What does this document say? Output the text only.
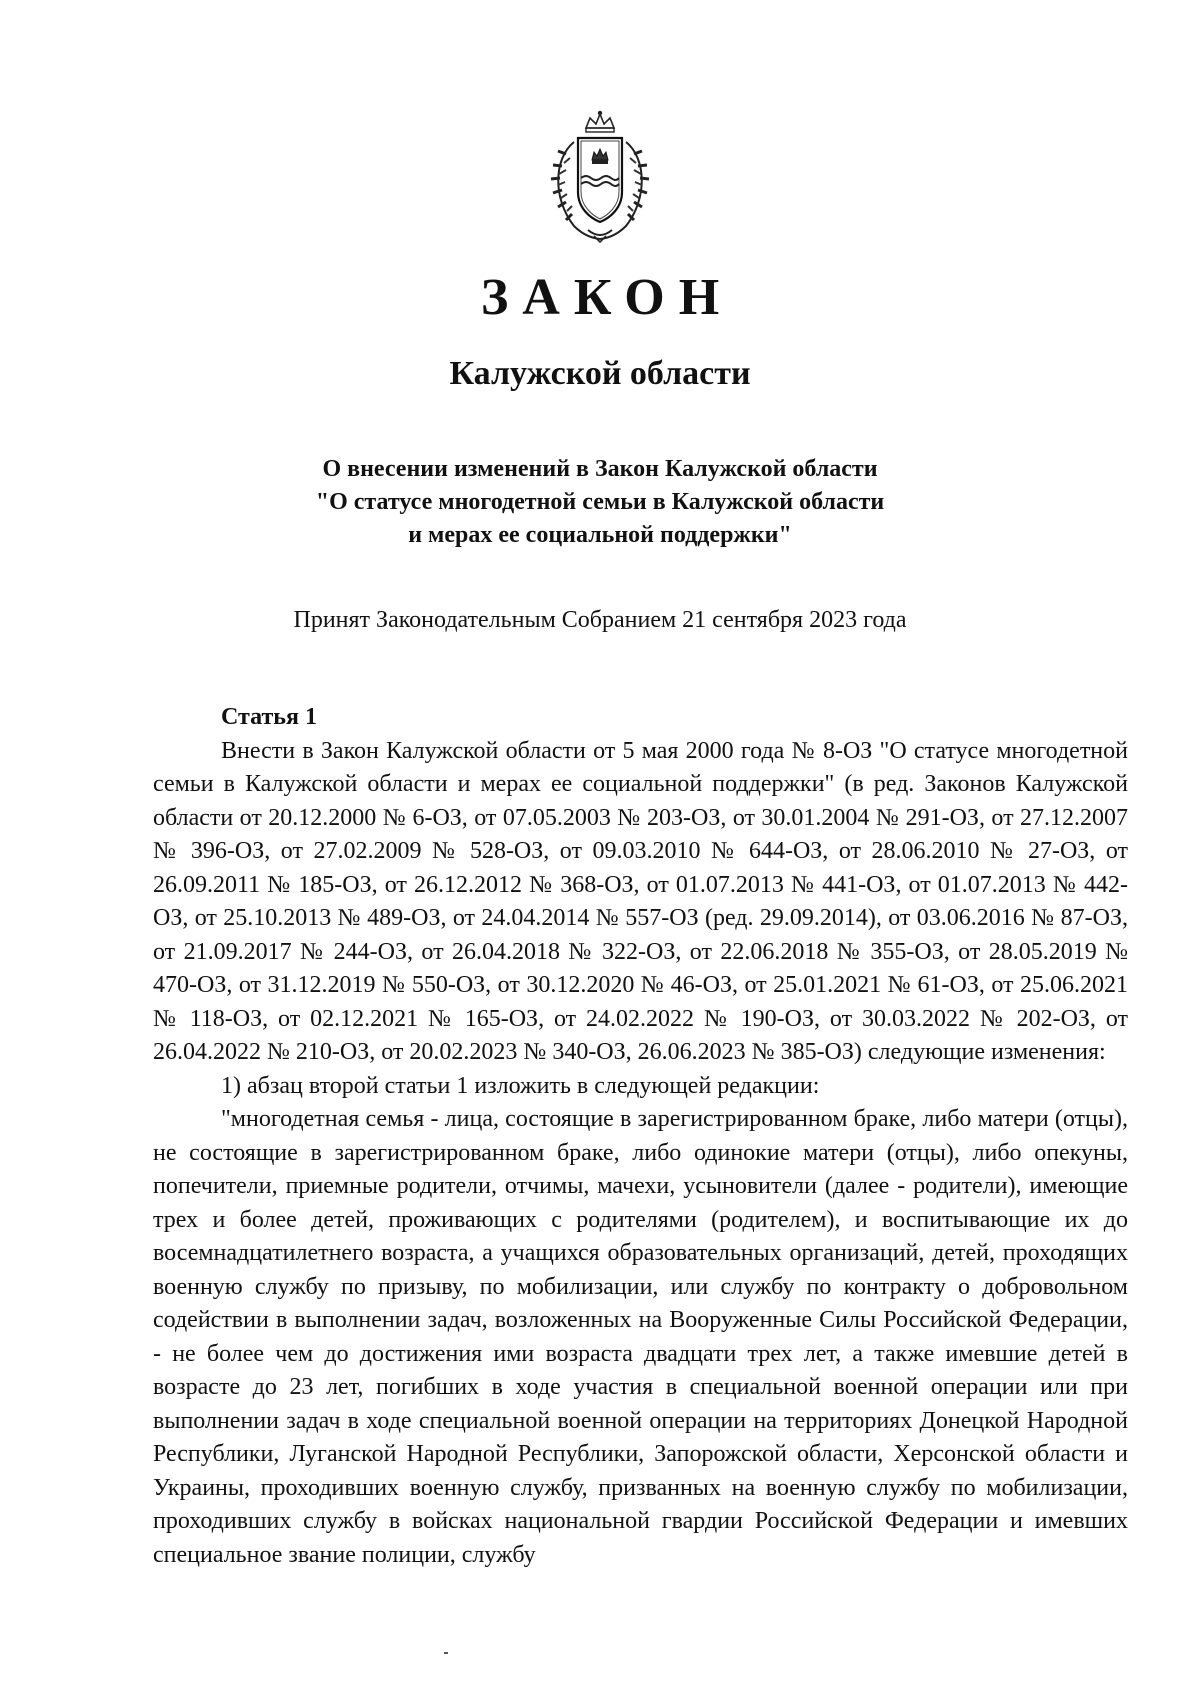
ЗАКОН
Калужской области
О внесении изменений в Закон Калужской области
"О статусе многодетной семьи в Калужской области
и мерах ее социальной поддержки"
Принят Законодательным Собранием 21 сентября 2023 года

Статья 1

Внести в Закон Калужской области от 5 мая 2000 года № 8-ОЗ "О статусе многодетной семьи в Калужской области и мерах ее социальной поддержки" (в ред. Законов Калужской области от 20.12.2000 № 6-ОЗ, от 07.05.2003 № 203-ОЗ, от 30.01.2004 № 291-ОЗ, от 27.12.2007 № 396-ОЗ, от 27.02.2009 № 528-ОЗ, от 09.03.2010 № 644-ОЗ, от 28.06.2010 № 27-ОЗ, от 26.09.2011 № 185-ОЗ, от 26.12.2012 № 368-ОЗ, от 01.07.2013 № 441-ОЗ, от 01.07.2013 № 442-ОЗ, от 25.10.2013 № 489-ОЗ, от 24.04.2014 № 557-ОЗ (ред. 29.09.2014), от 03.06.2016 № 87-ОЗ, от 21.09.2017 № 244-ОЗ, от 26.04.2018 № 322-ОЗ, от 22.06.2018 № 355-ОЗ, от 28.05.2019 № 470-ОЗ, от 31.12.2019 № 550-ОЗ, от 30.12.2020 № 46-ОЗ, от 25.01.2021 № 61-ОЗ, от 25.06.2021 № 118-ОЗ, от 02.12.2021 № 165-ОЗ, от 24.02.2022 № 190-ОЗ, от 30.03.2022 № 202-ОЗ, от 26.04.2022 № 210-ОЗ, от 20.02.2023 № 340-ОЗ, 26.06.2023 № 385-ОЗ) следующие изменения:

1) абзац второй статьи 1 изложить в следующей редакции:

"многодетная семья - лица, состоящие в зарегистрированном браке, либо матери (отцы), не состоящие в зарегистрированном браке, либо одинокие матери (отцы), либо опекуны, попечители, приемные родители, отчимы, мачехи, усыновители (далее - родители), имеющие трех и более детей, проживающих с родителями (родителем), и воспитывающие их до восемнадцатилетнего возраста, а учащихся образовательных организаций, детей, проходящих военную службу по призыву, по мобилизации, или службу по контракту о добровольном содействии в выполнении задач, возложенных на Вооруженные Силы Российской Федерации, - не более чем до достижения ими возраста двадцати трех лет, а также имевшие детей в возрасте до 23 лет, погибших в ходе участия в специальной военной операции или при выполнении задач в ходе специальной военной операции на территориях Донецкой Народной Республики, Луганской Народной Республики, Запорожской области, Херсонской области и Украины, проходивших военную службу, призванных на военную службу по мобилизации, проходивших службу в войсках национальной гвардии Российской Федерации и имевших специальное звание полиции, службу
